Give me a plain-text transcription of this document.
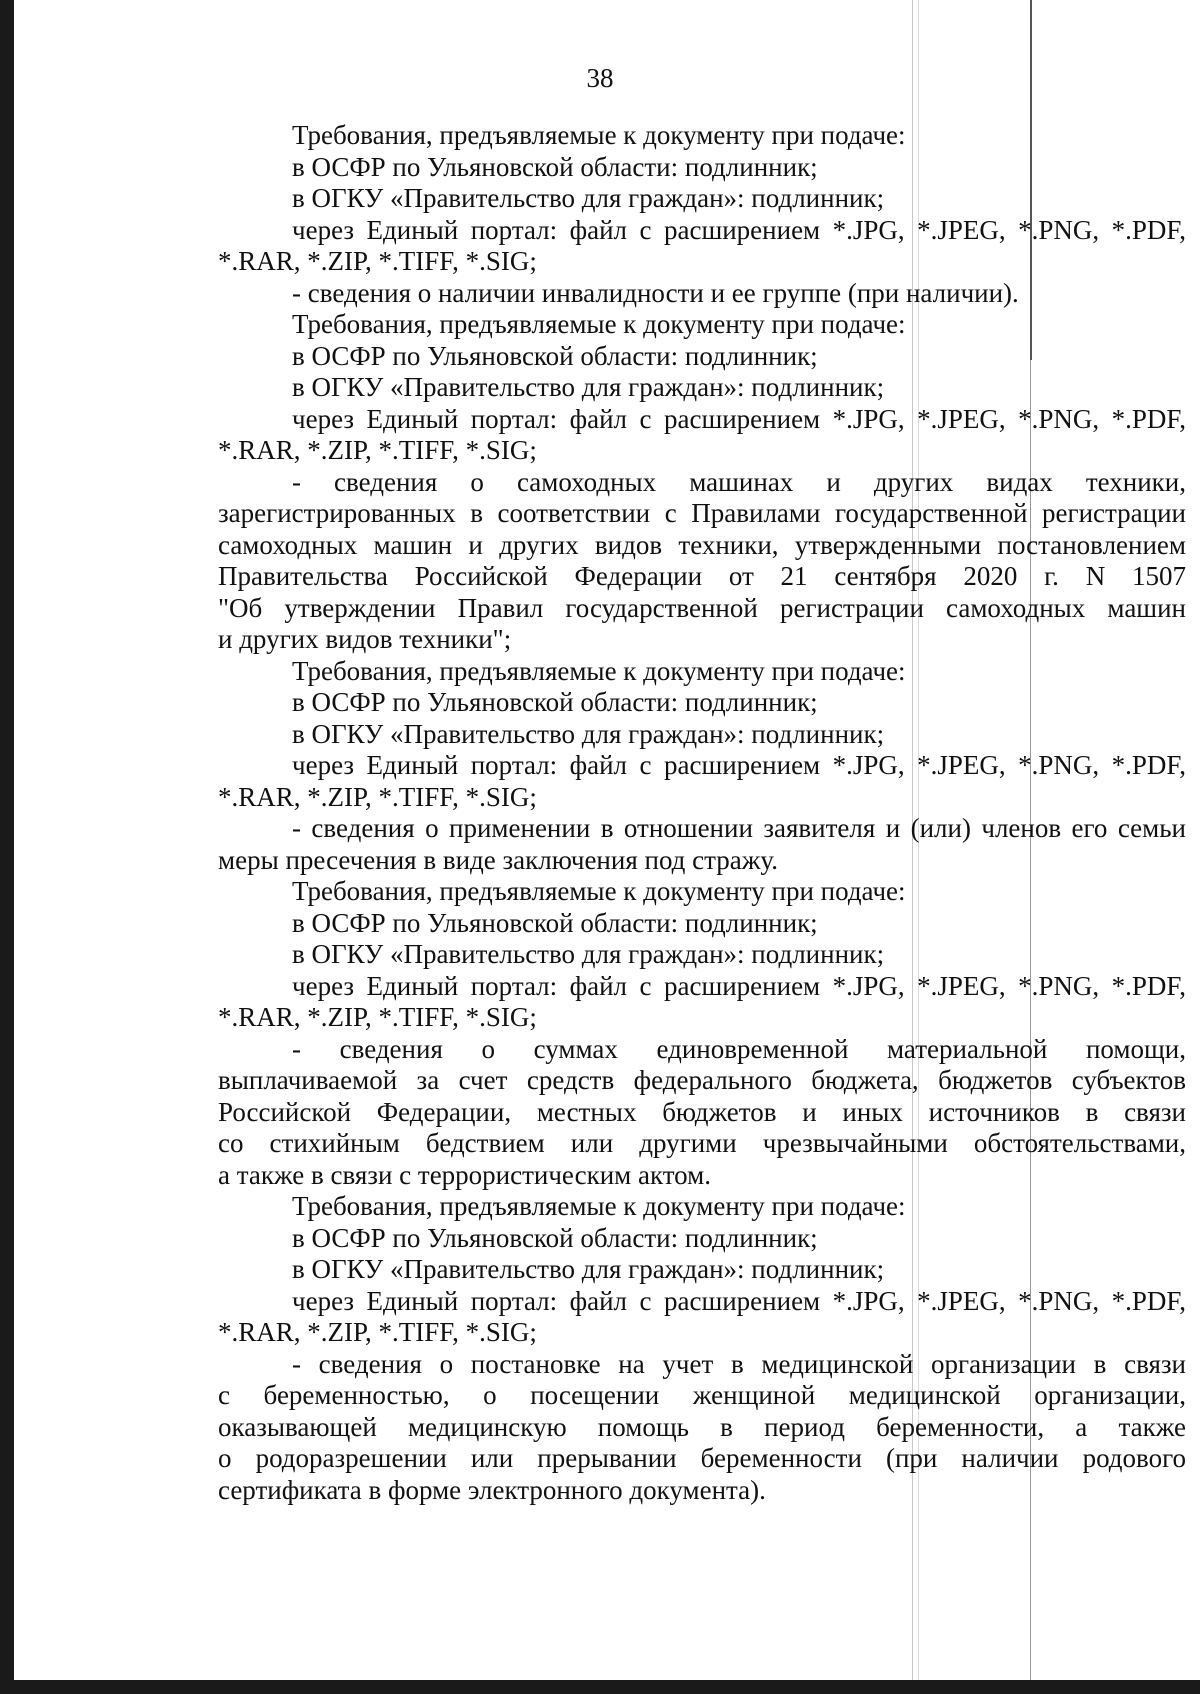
38
Требования, предъявляемые к документу при подаче:
в ОСФР по Ульяновской области: подлинник;
в ОГКУ «Правительство для граждан»: подлинник;
через Единый портал: файл с расширением *.JPG, *.JPEG, *.PNG, *.PDF,
*.RAR, *.ZIP, *.TIFF, *.SIG;
- сведения о наличии инвалидности и ее группе (при наличии).
Требования, предъявляемые к документу при подаче:
в ОСФР по Ульяновской области: подлинник;
в ОГКУ «Правительство для граждан»: подлинник;
через Единый портал: файл с расширением *.JPG, *.JPEG, *.PNG, *.PDF,
*.RAR, *.ZIP, *.TIFF, *.SIG;
- сведения о самоходных машинах и других видах техники,
зарегистрированных в соответствии с Правилами государственной регистрации
самоходных машин и других видов техники, утвержденными постановлением
Правительства Российской Федерации от 21 сентября 2020 г. N 1507
"Об утверждении Правил государственной регистрации самоходных машин
и других видов техники";
Требования, предъявляемые к документу при подаче:
в ОСФР по Ульяновской области: подлинник;
в ОГКУ «Правительство для граждан»: подлинник;
через Единый портал: файл с расширением *.JPG, *.JPEG, *.PNG, *.PDF,
*.RAR, *.ZIP, *.TIFF, *.SIG;
- сведения о применении в отношении заявителя и (или) членов его семьи
меры пресечения в виде заключения под стражу.
Требования, предъявляемые к документу при подаче:
в ОСФР по Ульяновской области: подлинник;
в ОГКУ «Правительство для граждан»: подлинник;
через Единый портал: файл с расширением *.JPG, *.JPEG, *.PNG, *.PDF,
*.RAR, *.ZIP, *.TIFF, *.SIG;
- сведения о суммах единовременной материальной помощи,
выплачиваемой за счет средств федерального бюджета, бюджетов субъектов
Российской Федерации, местных бюджетов и иных источников в связи
со стихийным бедствием или другими чрезвычайными обстоятельствами,
а также в связи с террористическим актом.
Требования, предъявляемые к документу при подаче:
в ОСФР по Ульяновской области: подлинник;
в ОГКУ «Правительство для граждан»: подлинник;
через Единый портал: файл с расширением *.JPG, *.JPEG, *.PNG, *.PDF,
*.RAR, *.ZIP, *.TIFF, *.SIG;
- сведения о постановке на учет в медицинской организации в связи
с беременностью, о посещении женщиной медицинской организации,
оказывающей медицинскую помощь в период беременности, а также
о родоразрешении или прерывании беременности (при наличии родового
сертификата в форме электронного документа).
